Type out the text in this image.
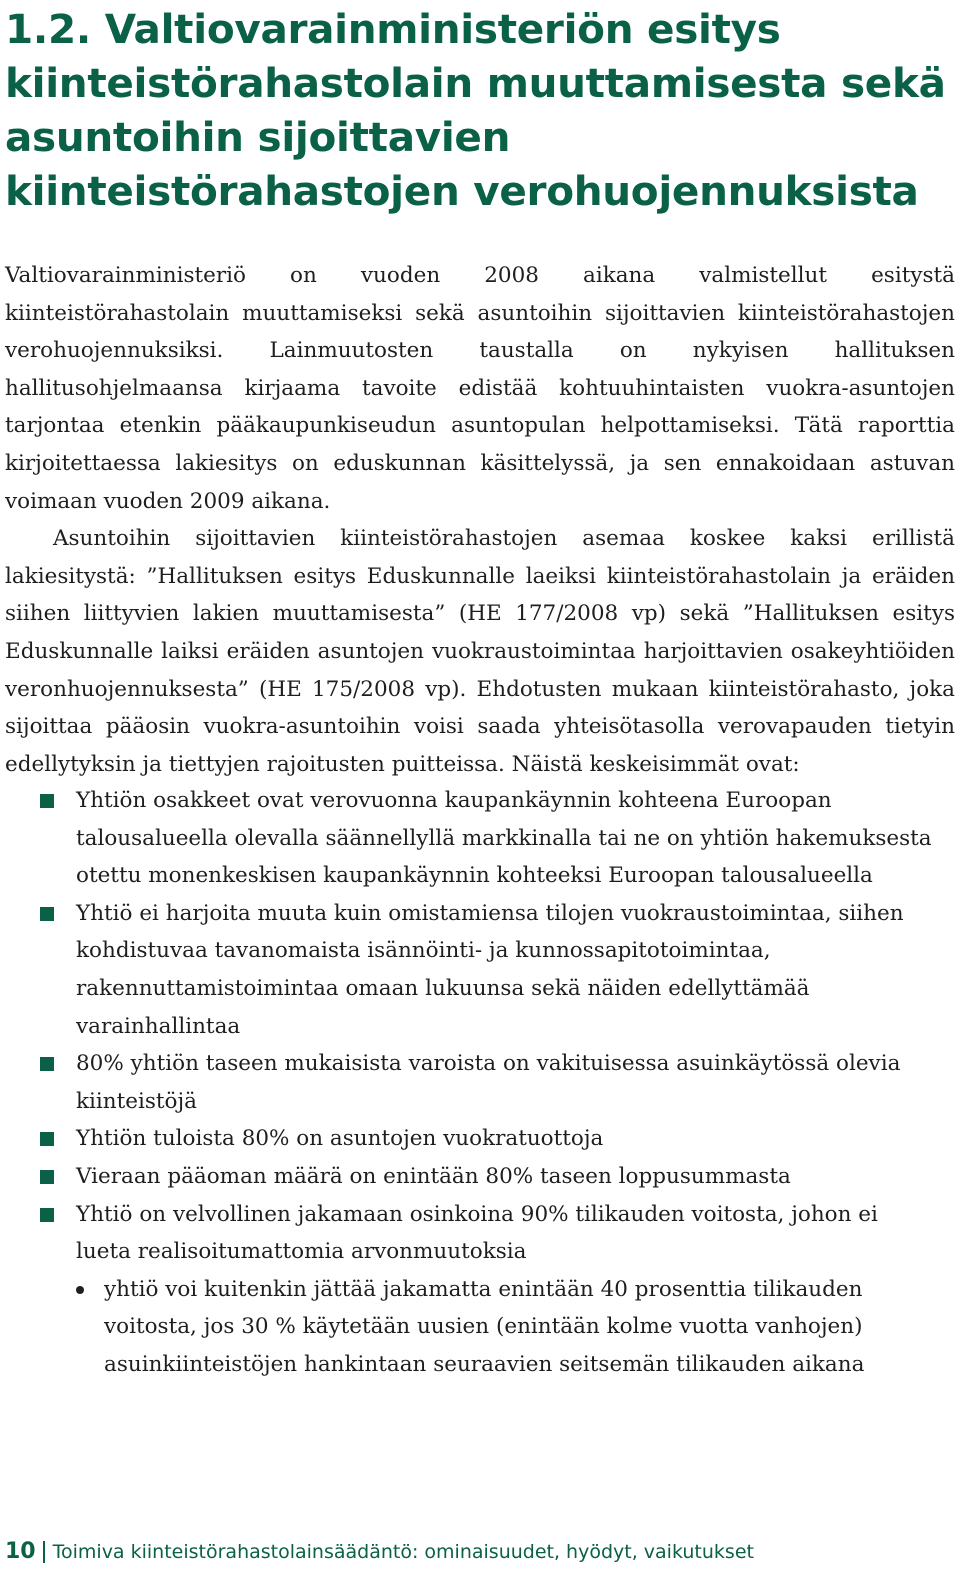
1.2. Valtiovarainministeriön esitys kiinteistörahastolain muuttamisesta sekä asuntoihin sijoittavien kiinteistörahastojen verohuojennuksista

Valtiovarainministeriö on vuoden 2008 aikana valmistellut esitystä kiinteistörahastolain muuttamiseksi sekä asuntoihin sijoittavien kiinteistörahastojen verohuojennuksiksi. Lainmuutosten taustalla on nykyisen hallituksen hallitusohjelmaansa kirjaama tavoite edistää kohtuuhintaisten vuokra-asuntojen tarjontaa etenkin pääkaupunkiseudun asuntopulan helpottamiseksi. Tätä raporttia kirjoitettaessa lakiesitys on eduskunnan käsittelyssä, ja sen ennakoidaan astuvan voimaan vuoden 2009 aikana.

Asuntoihin sijoittavien kiinteistörahastojen asemaa koskee kaksi erillistä lakiesitystä: ”Hallituksen esitys Eduskunnalle laeiksi kiinteistörahastolain ja eräiden siihen liittyvien lakien muuttamisesta” (HE 177/2008 vp) sekä ”Hallituksen esitys Eduskunnalle laiksi eräiden asuntojen vuokraustoimintaa harjoittavien osakeyhtiöiden veronhuojennuksesta” (HE 175/2008 vp). Ehdotusten mukaan kiinteistörahasto, joka sijoittaa pääosin vuokra-asuntoihin voisi saada yhteisötasolla verovapauden tietyin edellytyksin ja tiettyjen rajoitusten puitteissa. Näistä keskeisimmät ovat:

Yhtiön osakkeet ovat verovuonna kaupankäynnin kohteena Euroopan talousalueella olevalla säännellyllä markkinalla tai ne on yhtiön hakemuksesta otettu monenkeskisen kaupankäynnin kohteeksi Euroopan talousalueella
Yhtiö ei harjoita muuta kuin omistamiensa tilojen vuokraustoimintaa, siihen kohdistuvaa tavanomaista isännöinti- ja kunnossapitotoimintaa, rakennuttamistoimintaa omaan lukuunsa sekä näiden edellyttämää varainhallintaa
80% yhtiön taseen mukaisista varoista on vakituisessa asuinkäytössä olevia kiinteistöjä
Yhtiön tuloista 80% on asuntojen vuokratuottoja
Vieraan pääoman määrä on enintään 80% taseen loppusummasta
Yhtiö on velvollinen jakamaan osinkoina 90% tilikauden voitosta, johon ei lueta realisoitumattomia arvonmuutoksia
yhtiö voi kuitenkin jättää jakamatta enintään 40 prosenttia tilikauden voitosta, jos 30 % käytetään uusien (enintään kolme vuotta vanhojen) asuinkiinteistöjen hankintaan seuraavien seitsemän tilikauden aikana
10 Toimiva kiinteistörahastolainsäädäntö: ominaisuudet, hyödyt, vaikutukset
